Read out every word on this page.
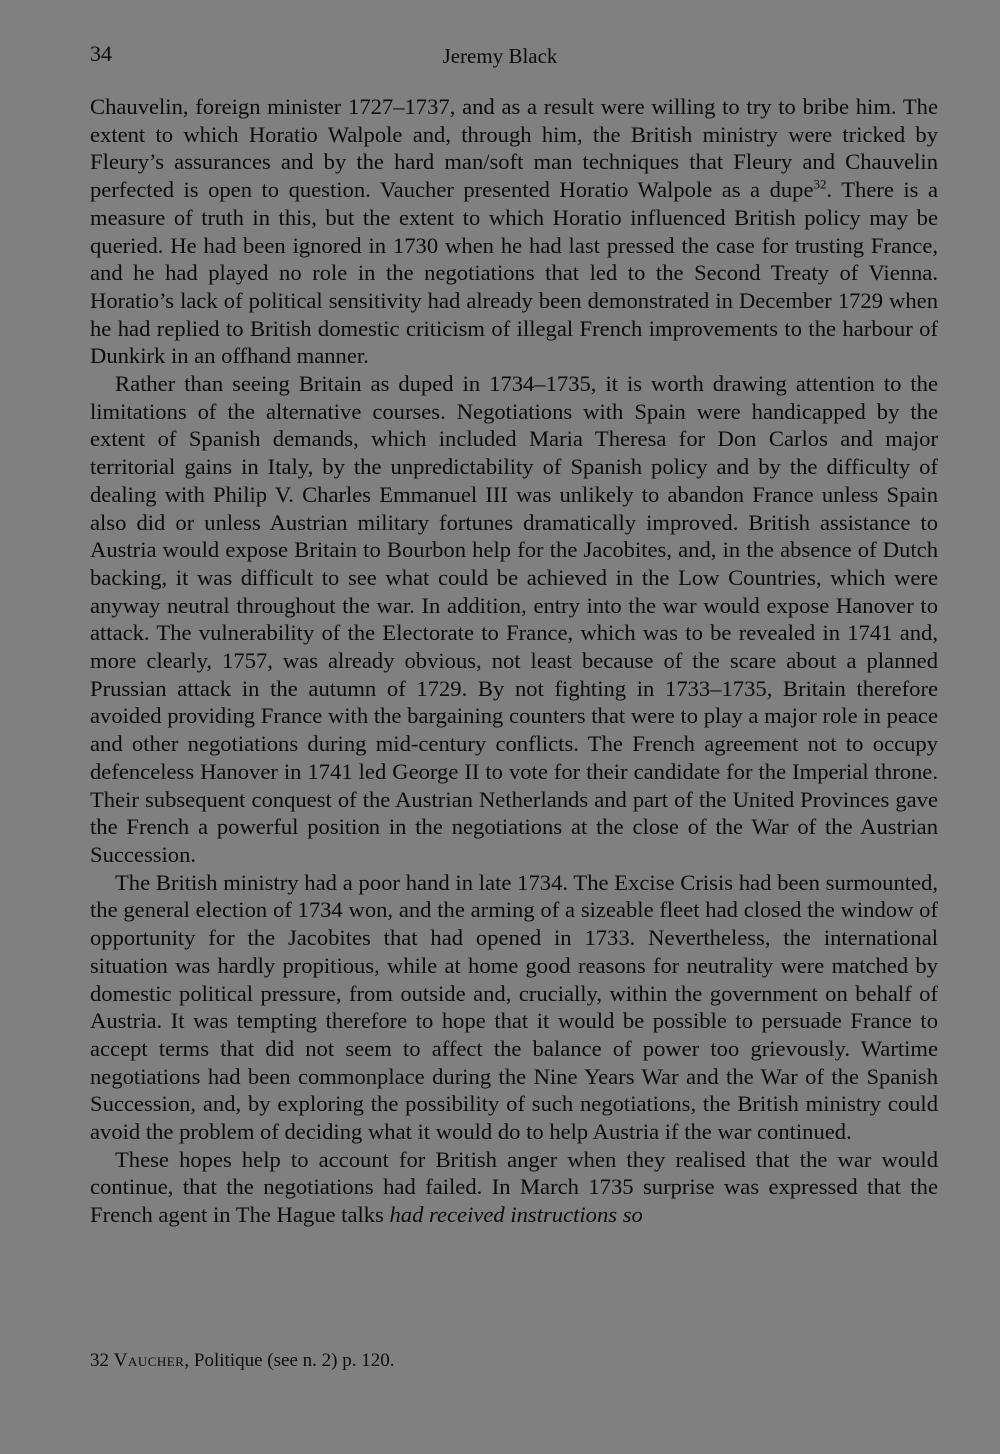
34	Jeremy Black

Chauvelin, foreign minister 1727–1737, and as a result were willing to try to bribe him. The extent to which Horatio Walpole and, through him, the British ministry were tricked by Fleury’s assurances and by the hard man/soft man techniques that Fleury and Chauvelin perfected is open to question. Vaucher presented Horatio Walpole as a dupe$^{32}$. There is a measure of truth in this, but the extent to which Horatio influenced British policy may be queried. He had been ignored in 1730 when he had last pressed the case for trusting France, and he had played no role in the negotiations that led to the Second Treaty of Vienna. Horatio’s lack of political sensitivity had already been demonstrated in December 1729 when he had replied to British domestic criticism of illegal French improvements to the harbour of Dunkirk in an offhand manner.

Rather than seeing Britain as duped in 1734–1735, it is worth drawing attention to the limitations of the alternative courses. Negotiations with Spain were handicapped by the extent of Spanish demands, which included Maria Theresa for Don Carlos and major territorial gains in Italy, by the unpredictability of Spanish policy and by the difficulty of dealing with Philip V. Charles Emmanuel III was unlikely to abandon France unless Spain also did or unless Austrian military fortunes dramatically improved. British assistance to Austria would expose Britain to Bourbon help for the Jacobites, and, in the absence of Dutch backing, it was difficult to see what could be achieved in the Low Countries, which were anyway neutral throughout the war. In addition, entry into the war would expose Hanover to attack. The vulnerability of the Electorate to France, which was to be revealed in 1741 and, more clearly, 1757, was already obvious, not least because of the scare about a planned Prussian attack in the autumn of 1729. By not fighting in 1733–1735, Britain therefore avoided providing France with the bargaining counters that were to play a major role in peace and other negotiations during mid-century conflicts. The French agreement not to occupy defenceless Hanover in 1741 led George II to vote for their candidate for the Imperial throne. Their subsequent conquest of the Austrian Netherlands and part of the United Provinces gave the French a powerful position in the negotiations at the close of the War of the Austrian Succession.

The British ministry had a poor hand in late 1734. The Excise Crisis had been surmounted, the general election of 1734 won, and the arming of a sizeable fleet had closed the window of opportunity for the Jacobites that had opened in 1733. Nevertheless, the international situation was hardly propitious, while at home good reasons for neutrality were matched by domestic political pressure, from outside and, crucially, within the government on behalf of Austria. It was tempting therefore to hope that it would be possible to persuade France to accept terms that did not seem to affect the balance of power too grievously. Wartime negotiations had been commonplace during the Nine Years War and the War of the Spanish Succession, and, by exploring the possibility of such negotiations, the British ministry could avoid the problem of deciding what it would do to help Austria if the war continued.

These hopes help to account for British anger when they realised that the war would continue, that the negotiations had failed. In March 1735 surprise was expressed that the French agent in The Hague talks had received instructions so

32 Vaucher, Politique (see n. 2) p. 120.
